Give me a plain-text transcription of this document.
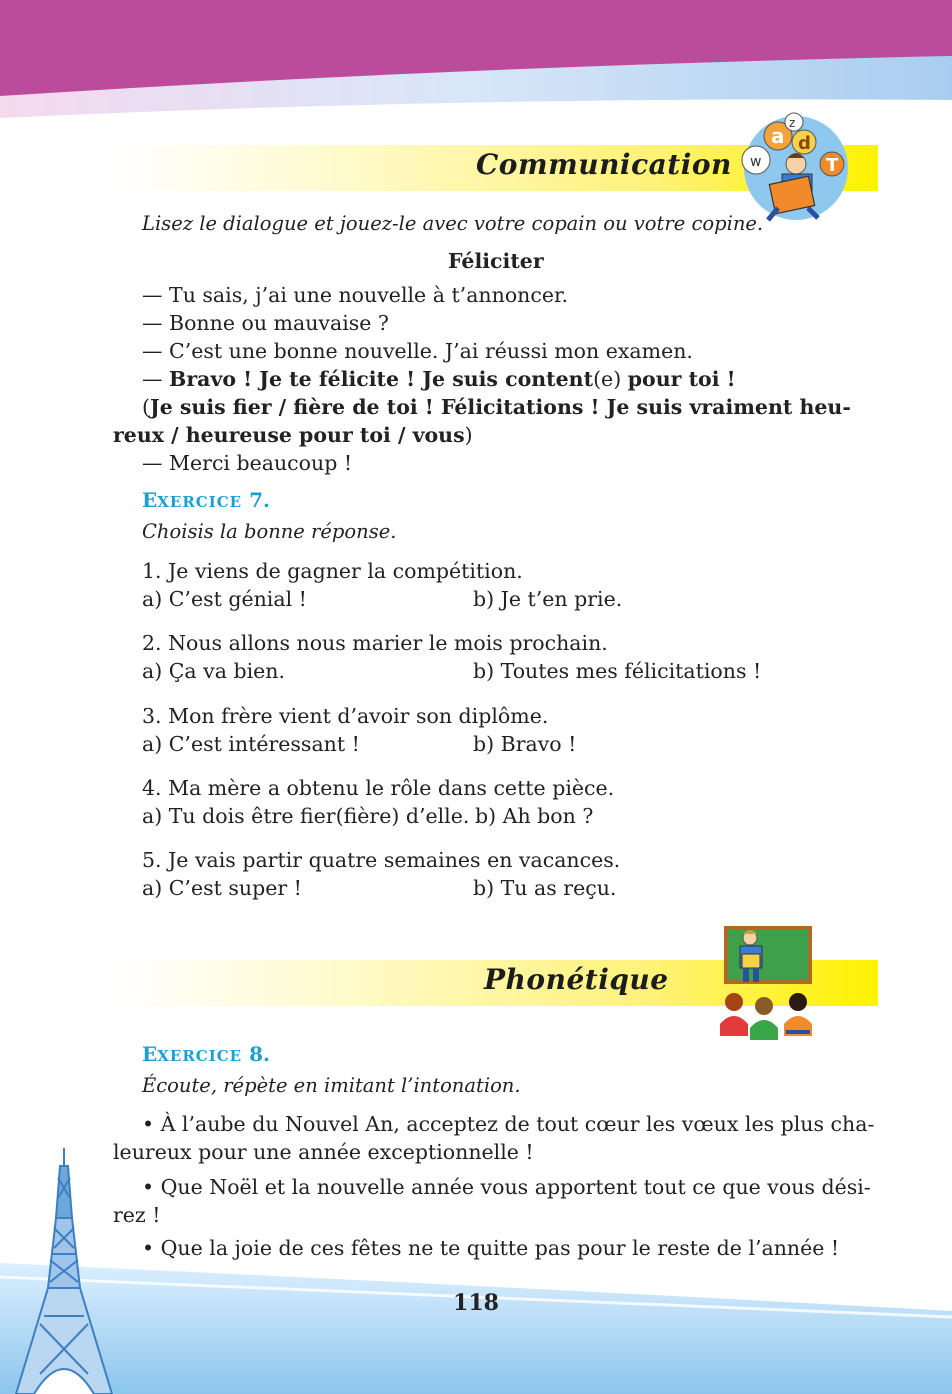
Communication w
a d
z
T
Lisez le dialogue et jouez-le avec votre copain ou votre copine.
Féliciter
— Tu sais, j’ai une nouvelle à t’annoncer.
— Bonne ou mauvaise ?
— C’est une bonne nouvelle. J’ai réussi mon examen.
— Bravo ! Je te félicite ! Je suis content(e) pour toi !
(Je suis fier / fière de toi ! Félicitations ! Je suis vraiment heu-
reux / heureuse pour toi / vous)
— Merci beaucoup !
EXERCICE 7.
Choisis la bonne réponse.
1. Je viens de gagner la compétition.
a) C’est génial !	b) Je t’en prie.
2. Nous allons nous marier le mois prochain.
a) Ça va bien.	b) Toutes mes félicitations !
3. Mon frère vient d’avoir son diplôme.
a) C’est intéressant !	b) Bravo !
4. Ma mère a obtenu le rôle dans cette pièce.
a) Tu dois être fier(fière) d’elle. b) Ah bon ?
5. Je vais partir quatre semaines en vacances.
a) C’est super !	b) Tu as reçu.
Phonétique
EXERCICE 8.
Écoute, répète en imitant l’intonation.
• À l’aube du Nouvel An, acceptez de tout cœur les vœux les plus cha-
leureux pour une année exceptionnelle !
• Que Noël et la nouvelle année vous apportent tout ce que vous dési-
rez !
• Que la joie de ces fêtes ne te quitte pas pour le reste de l’année !
118
